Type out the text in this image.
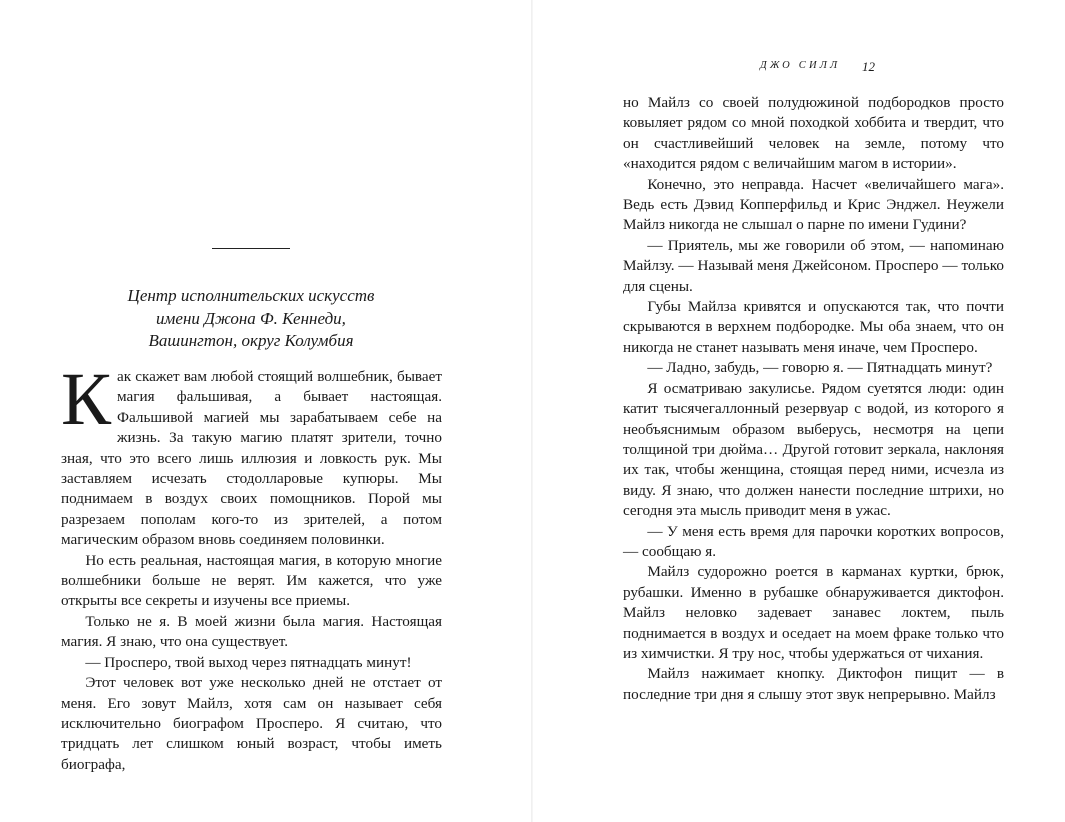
Центр исполнительских искусств
имени Джона Ф. Кеннеди,
Вашингтон, округ Колумбия

Как скажет вам любой стоящий волшебник, бывает магия фальшивая, а бывает настоящая. Фальшивой магией мы зарабатываем себе на жизнь. За такую магию платят зрители, точно зная, что это всего лишь иллюзия и ловкость рук. Мы заставляем исчезать стодолларовые купюры. Мы поднимаем в воздух своих помощников. Порой мы разрезаем пополам кого-то из зрителей, а потом магическим образом вновь соединяем половинки.

Но есть реальная, настоящая магия, в которую многие волшебники больше не верят. Им кажется, что уже открыты все секреты и изучены все приемы.

Только не я. В моей жизни была магия. Настоящая магия. Я знаю, что она существует.

— Просперо, твой выход через пятнадцать минут!

Этот человек вот уже несколько дней не отстает от меня. Его зовут Майлз, хотя сам он называет себя исключительно биографом Просперо. Я считаю, что тридцать лет слишком юный возраст, чтобы иметь биографа,

ДЖО СИЛЛ 12

но Майлз со своей полудюжиной подбородков просто ковыляет рядом со мной походкой хоббита и твердит, что он счастливейший человек на земле, потому что «находится рядом с величайшим магом в истории».

Конечно, это неправда. Насчет «величайшего мага». Ведь есть Дэвид Копперфильд и Крис Энджел. Неужели Майлз никогда не слышал о парне по имени Гудини?

— Приятель, мы же говорили об этом, — напоминаю Майлзу. — Называй меня Джейсоном. Просперо — только для сцены.

Губы Майлза кривятся и опускаются так, что почти скрываются в верхнем подбородке. Мы оба знаем, что он никогда не станет называть меня иначе, чем Просперо.

— Ладно, забудь, — говорю я. — Пятнадцать минут?

Я осматриваю закулисье. Рядом суетятся люди: один катит тысячегаллонный резервуар с водой, из которого я необъяснимым образом выберусь, несмотря на цепи толщиной три дюйма… Другой готовит зеркала, наклоняя их так, чтобы женщина, стоящая перед ними, исчезла из виду. Я знаю, что должен нанести последние штрихи, но сегодня эта мысль приводит меня в ужас.

— У меня есть время для парочки коротких вопросов, — сообщаю я.

Майлз судорожно роется в карманах куртки, брюк, рубашки. Именно в рубашке обнаруживается диктофон. Майлз неловко задевает занавес локтем, пыль поднимается в воздух и оседает на моем фраке только что из химчистки. Я тру нос, чтобы удержаться от чихания.

Майлз нажимает кнопку. Диктофон пищит — в последние три дня я слышу этот звук непрерывно. Майлз
